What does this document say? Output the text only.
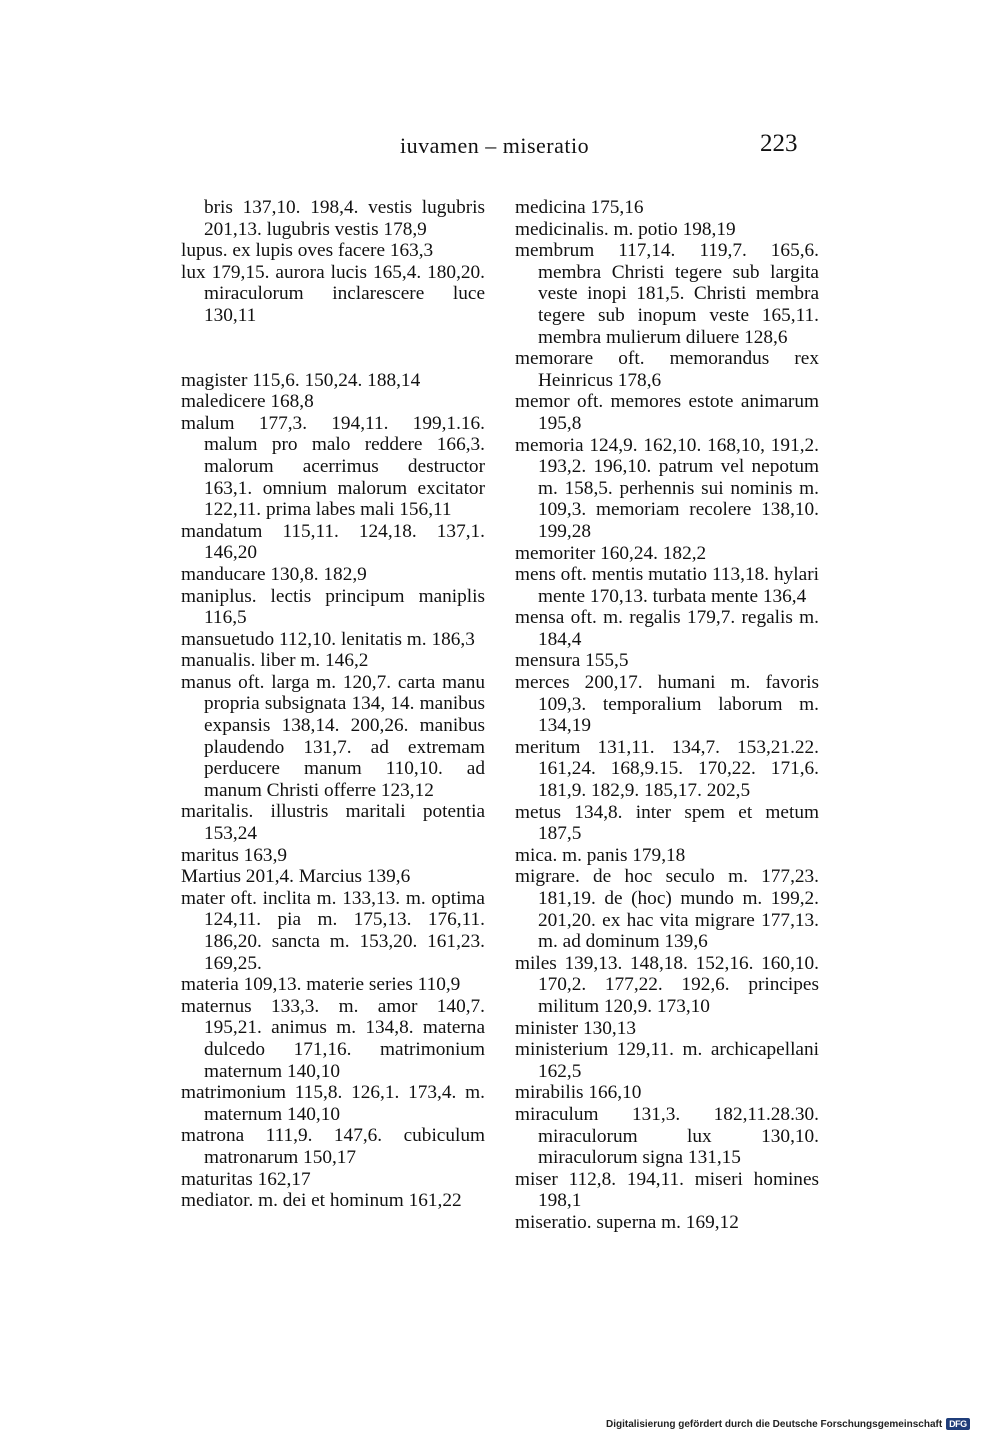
iuvamen – miseratio	223
bris 137,10. 198,4. vestis lugubris 201,13. lugubris vestis 178,9
lupus. ex lupis oves facere 163,3
lux 179,15. aurora lucis 165,4. 180,20. miraculorum inclarescere luce 130,11
magister 115,6. 150,24. 188,14
maledicere 168,8
malum 177,3. 194,11. 199,1.16. malum pro malo reddere 166,3. malorum acerrimus destructor 163,1. omnium malorum excitator 122,11. prima labes mali 156,11
mandatum 115,11. 124,18. 137,1. 146,20
manducare 130,8. 182,9
maniplus. lectis principum maniplis 116,5
mansuetudo 112,10. lenitatis m. 186,3
manualis. liber m. 146,2
manus oft. larga m. 120,7. carta manu propria subsignata 134, 14. manibus expansis 138,14. 200,26. manibus plaudendo 131,7. ad extremam perducere manum 110,10. ad manum Christi offerre 123,12
maritalis. illustris maritali potentia 153,24
maritus 163,9
Martius 201,4. Marcius 139,6
mater oft. inclita m. 133,13. m. optima 124,11. pia m. 175,13. 176,11. 186,20. sancta m. 153,20. 161,23. 169,25.
materia 109,13. materie series 110,9
maternus 133,3. m. amor 140,7. 195,21. animus m. 134,8. materna dulcedo 171,16. matrimonium maternum 140,10
matrimonium 115,8. 126,1. 173,4. m. maternum 140,10
matrona 111,9. 147,6. cubiculum matronarum 150,17
maturitas 162,17
mediator. m. dei et hominum 161,22
medicina 175,16
medicinalis. m. potio 198,19
membrum 117,14. 119,7. 165,6. membra Christi tegere sub largita veste inopi 181,5. Christi membra tegere sub inopum veste 165,11. membra mulierum diluere 128,6
memorare oft. memorandus rex Heinricus 178,6
memor oft. memores estote animarum 195,8
memoria 124,9. 162,10. 168,10, 191,2. 193,2. 196,10. patrum vel nepotum m. 158,5. perhennis sui nominis m. 109,3. memoriam recolere 138,10. 199,28
memoriter 160,24. 182,2
mens oft. mentis mutatio 113,18. hylari mente 170,13. turbata mente 136,4
mensa oft. m. regalis 179,7. regalis m. 184,4
mensura 155,5
merces 200,17. humani m. favoris 109,3. temporalium laborum m. 134,19
meritum 131,11. 134,7. 153,21.22. 161,24. 168,9.15. 170,22. 171,6. 181,9. 182,9. 185,17. 202,5
metus 134,8. inter spem et metum 187,5
mica. m. panis 179,18
migrare. de hoc seculo m. 177,23. 181,19. de (hoc) mundo m. 199,2. 201,20. ex hac vita migrare 177,13. m. ad dominum 139,6
miles 139,13. 148,18. 152,16. 160,10. 170,2. 177,22. 192,6. principes militum 120,9. 173,10
minister 130,13
ministerium 129,11. m. archicapellani 162,5
mirabilis 166,10
miraculum 131,3. 182,11.28.30. miraculorum lux 130,10. miraculorum signa 131,15
miser 112,8. 194,11. miseri homines 198,1
miseratio. superna m. 169,12
Digitalisierung gefördert durch die Deutsche Forschungsgemeinschaft DFG
